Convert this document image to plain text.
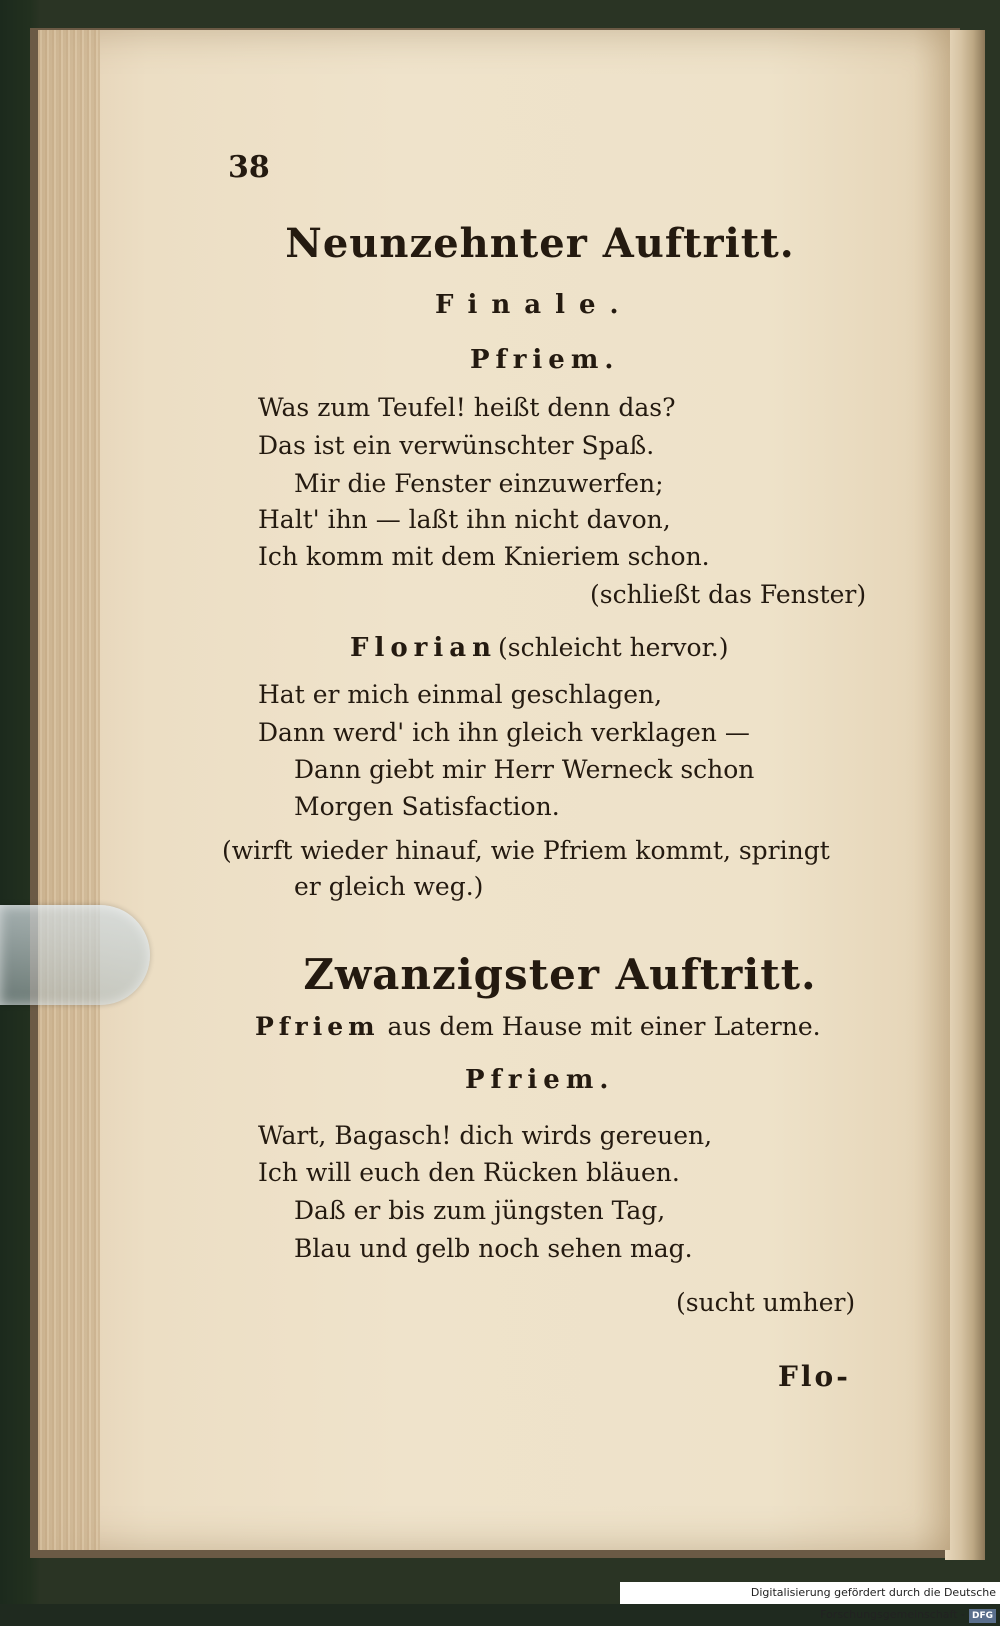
38
Neunzehnter Auftritt.
Finale.
Pfriem.
Was zum Teufel! heißt denn das?
Das ist ein verwünschter Spaß.
Mir die Fenster einzuwerfen;
Halt' ihn — laßt ihn nicht davon,
Ich komm mit dem Knieriem schon.
(schließt das Fenster)
Florian (schleicht hervor.)
Hat er mich einmal geschlagen,
Dann werd' ich ihn gleich verklagen —
Dann giebt mir Herr Werneck schon
Morgen Satisfaction.
(wirft wieder hinauf, wie Pfriem kommt, springt
er gleich weg.)
Zwanzigster Auftritt.
Pfriem aus dem Hause mit einer Laterne.
Pfriem.
Wart, Bagasch! dich wirds gereuen,
Ich will euch den Rücken bläuen.
Daß er bis zum jüngsten Tag,
Blau und gelb noch sehen mag.
(sucht umher)
Flo-
Digitalisierung gefördert durch die Deutsche Forschungsgemeinschaft - DFG
